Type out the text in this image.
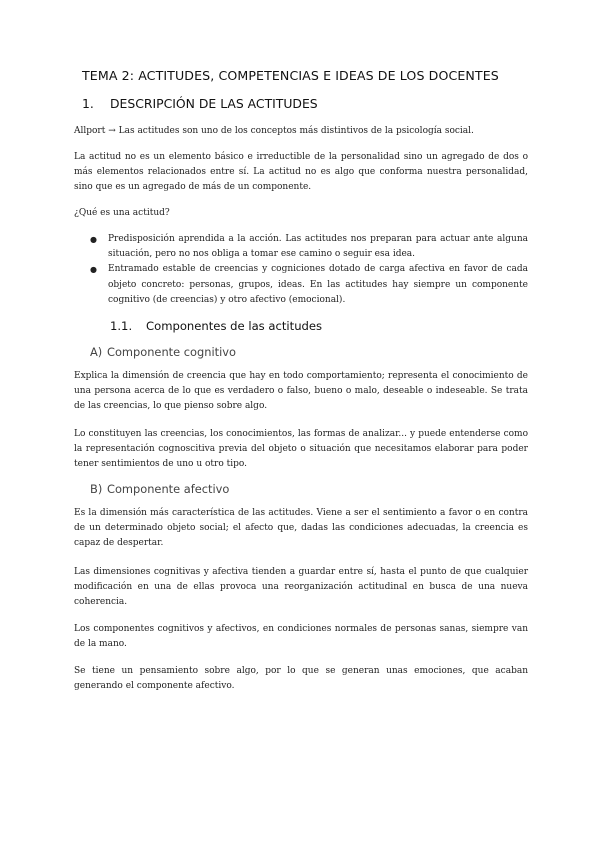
TEMA 2: ACTITUDES, COMPETENCIAS E IDEAS DE LOS DOCENTES
1. DESCRIPCIÓN DE LAS ACTITUDES
Allport → Las actitudes son uno de los conceptos más distintivos de la psicología social.
La actitud no es un elemento básico e irreductible de la personalidad sino un agregado de dos o más elementos relacionados entre sí. La actitud no es algo que conforma nuestra personalidad, sino que es un agregado de más de un componente.
¿Qué es una actitud?
● Predisposición aprendida a la acción. Las actitudes nos preparan para actuar ante alguna situación, pero no nos obliga a tomar ese camino o seguir esa idea.
● Entramado estable de creencias y cogniciones dotado de carga afectiva en favor de cada objeto concreto: personas, grupos, ideas. En las actitudes hay siempre un componente cognitivo (de creencias) y otro afectivo (emocional).
1.1. Componentes de las actitudes
A) Componente cognitivo
Explica la dimensión de creencia que hay en todo comportamiento; representa el conocimiento de una persona acerca de lo que es verdadero o falso, bueno o malo, deseable o indeseable. Se trata de las creencias, lo que pienso sobre algo.
Lo constituyen las creencias, los conocimientos, las formas de analizar... y puede entenderse como la representación cognoscitiva previa del objeto o situación que necesitamos elaborar para poder tener sentimientos de uno u otro tipo.
B) Componente afectivo
Es la dimensión más característica de las actitudes. Viene a ser el sentimiento a favor o en contra de un determinado objeto social; el afecto que, dadas las condiciones adecuadas, la creencia es capaz de despertar.
Las dimensiones cognitivas y afectiva tienden a guardar entre sí, hasta el punto de que cualquier modificación en una de ellas provoca una reorganización actitudinal en busca de una nueva coherencia.
Los componentes cognitivos y afectivos, en condiciones normales de personas sanas, siempre van de la mano.
Se tiene un pensamiento sobre algo, por lo que se generan unas emociones, que acaban generando el componente afectivo.
